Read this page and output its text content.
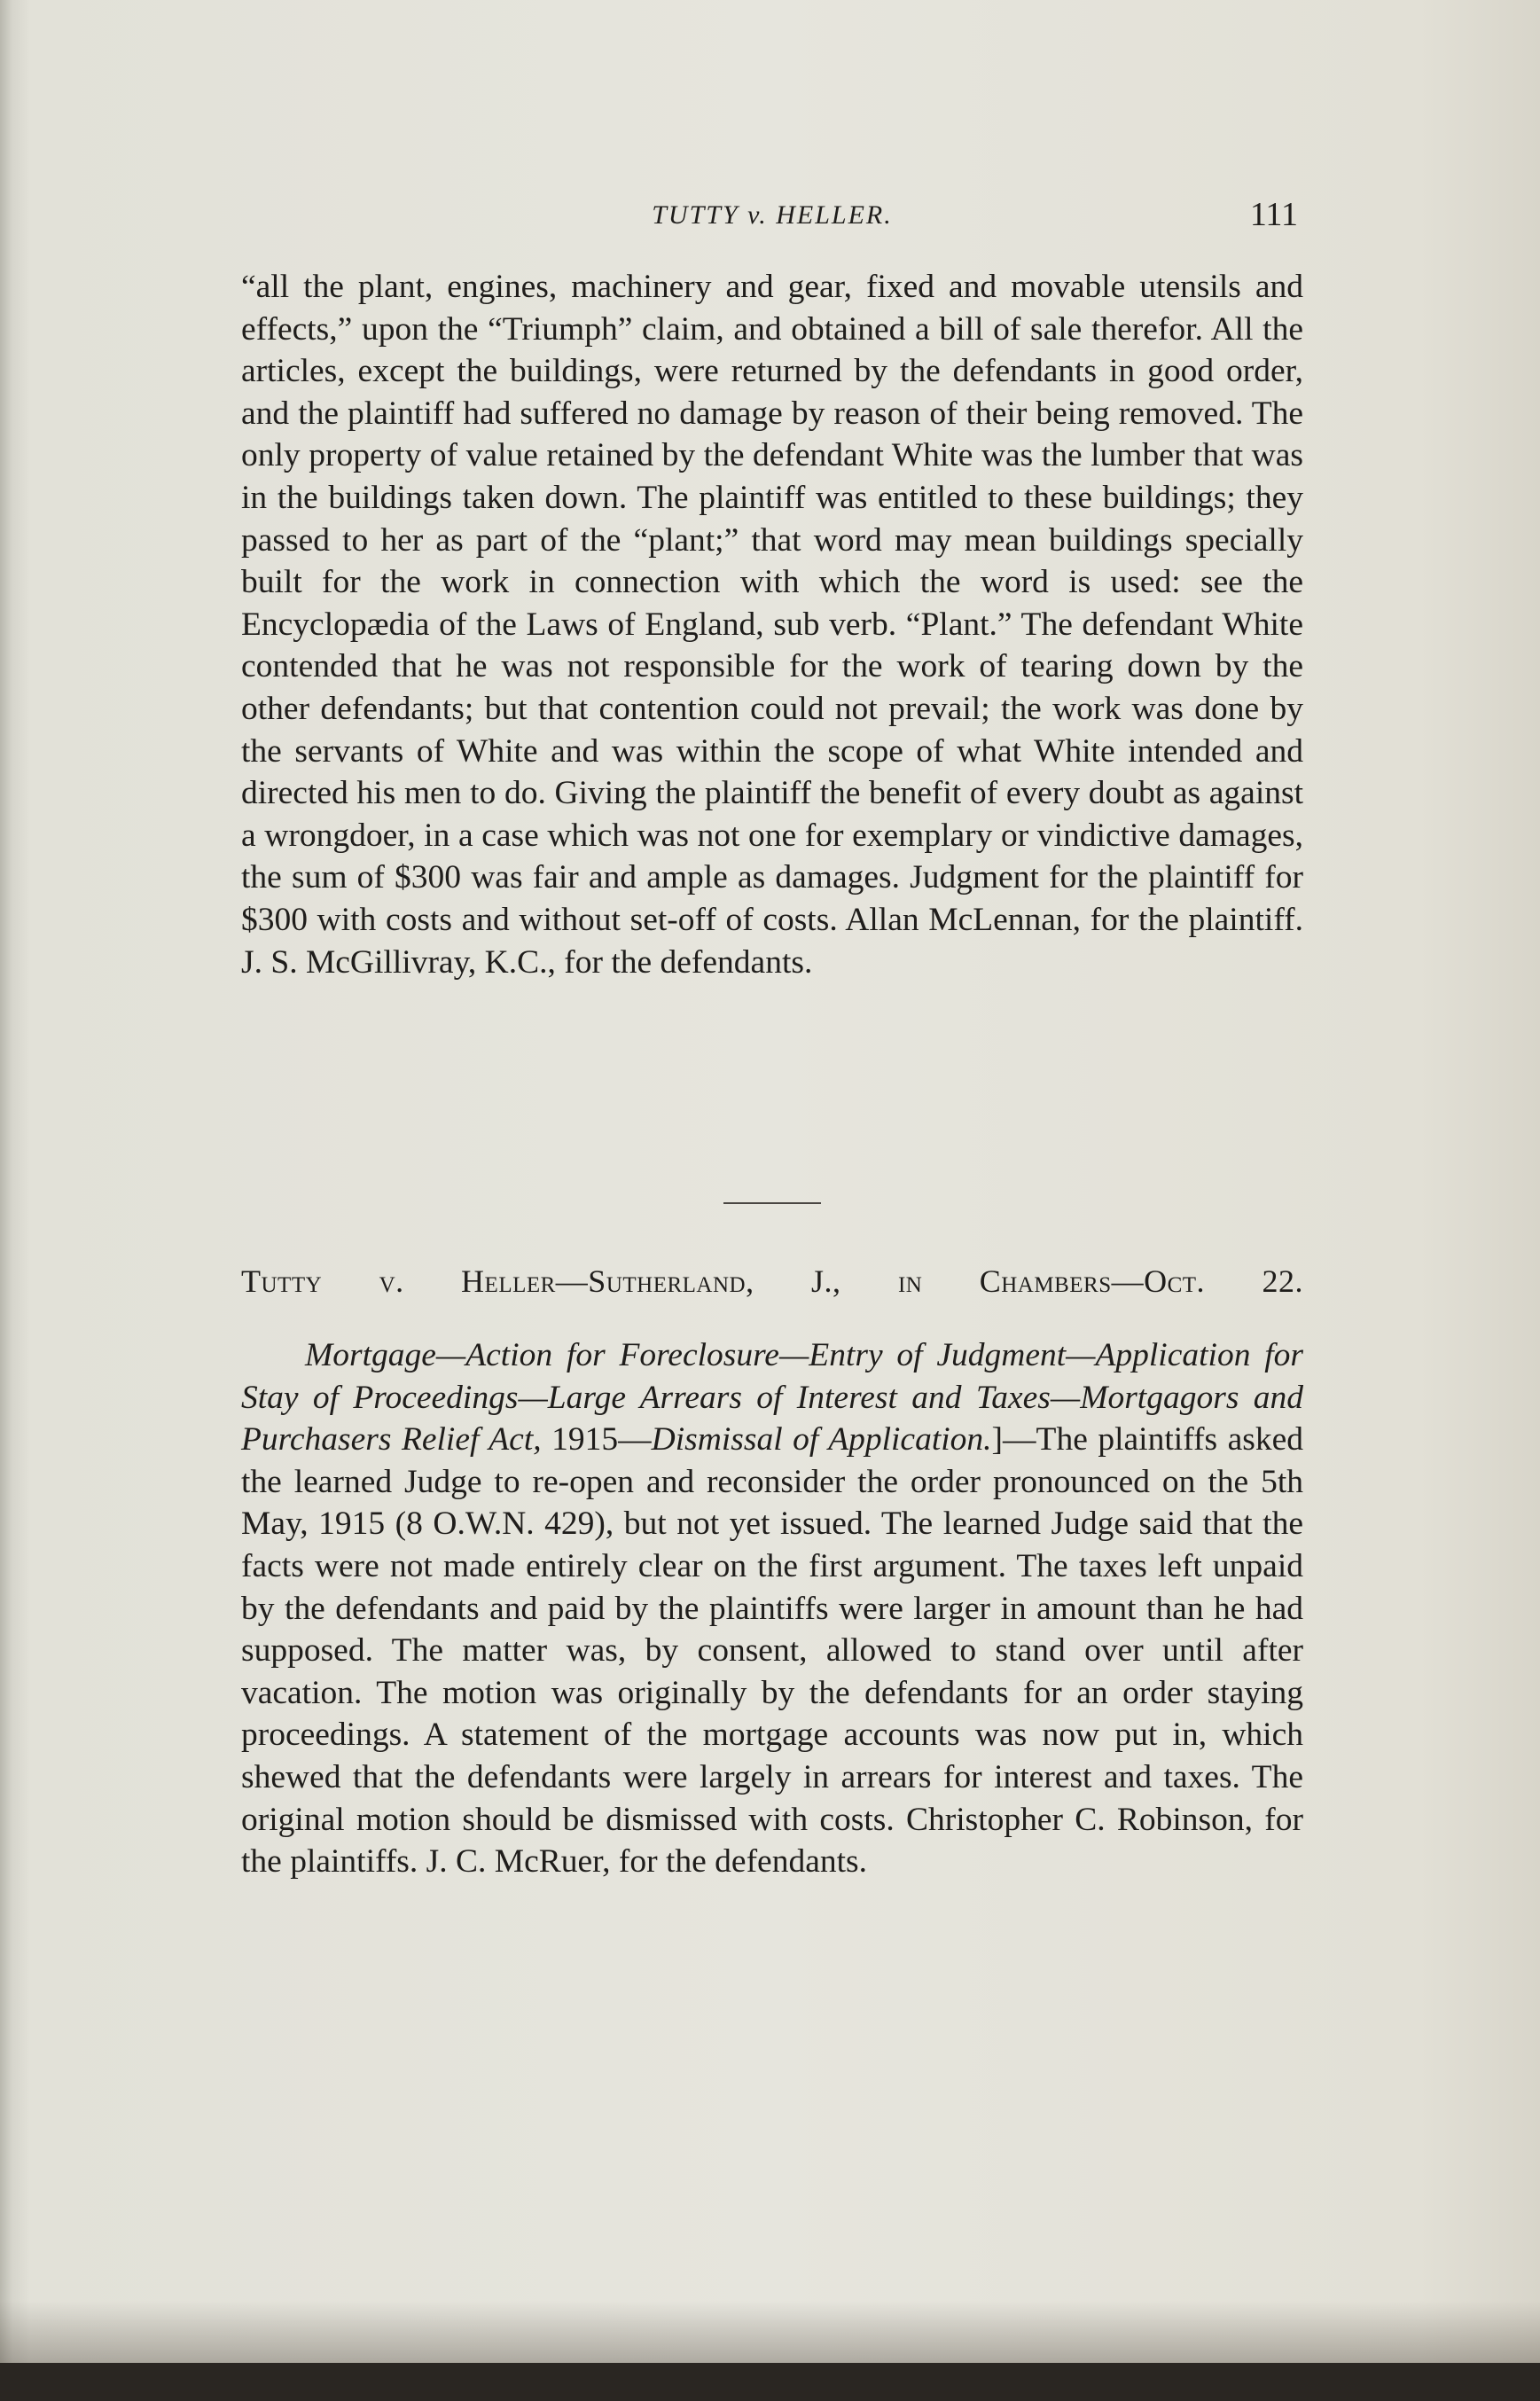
TUTTY v. HELLER.	111

“all the plant, engines, machinery and gear, fixed and movable utensils and effects,” upon the “Triumph” claim, and obtained a bill of sale therefor. All the articles, except the buildings, were returned by the defendants in good order, and the plaintiff had suffered no damage by reason of their being removed. The only property of value retained by the defendant White was the lumber that was in the buildings taken down. The plaintiff was entitled to these buildings; they passed to her as part of the “plant;” that word may mean buildings specially built for the work in connection with which the word is used: see the Encyclopædia of the Laws of England, sub verb. “Plant.” The defendant White contended that he was not responsible for the work of tearing down by the other defendants; but that contention could not prevail; the work was done by the servants of White and was within the scope of what White intended and directed his men to do. Giving the plaintiff the benefit of every doubt as against a wrongdoer, in a case which was not one for exemplary or vindictive damages, the sum of $300 was fair and ample as damages. Judgment for the plaintiff for $300 with costs and without set-off of costs. Allan McLennan, for the plaintiff. J. S. McGillivray, K.C., for the defendants.

Tutty v. Heller—Sutherland, J., in Chambers—Oct. 22.

Mortgage—Action for Foreclosure—Entry of Judgment—Application for Stay of Proceedings—Large Arrears of Interest and Taxes—Mortgagors and Purchasers Relief Act, 1915—Dismissal of Application.]—The plaintiffs asked the learned Judge to re-open and reconsider the order pronounced on the 5th May, 1915 (8 O.W.N. 429), but not yet issued. The learned Judge said that the facts were not made entirely clear on the first argument. The taxes left unpaid by the defendants and paid by the plaintiffs were larger in amount than he had supposed. The matter was, by consent, allowed to stand over until after vacation. The motion was originally by the defendants for an order staying proceedings. A statement of the mortgage accounts was now put in, which shewed that the defendants were largely in arrears for interest and taxes. The original motion should be dismissed with costs. Christopher C. Robinson, for the plaintiffs. J. C. McRuer, for the defendants.
